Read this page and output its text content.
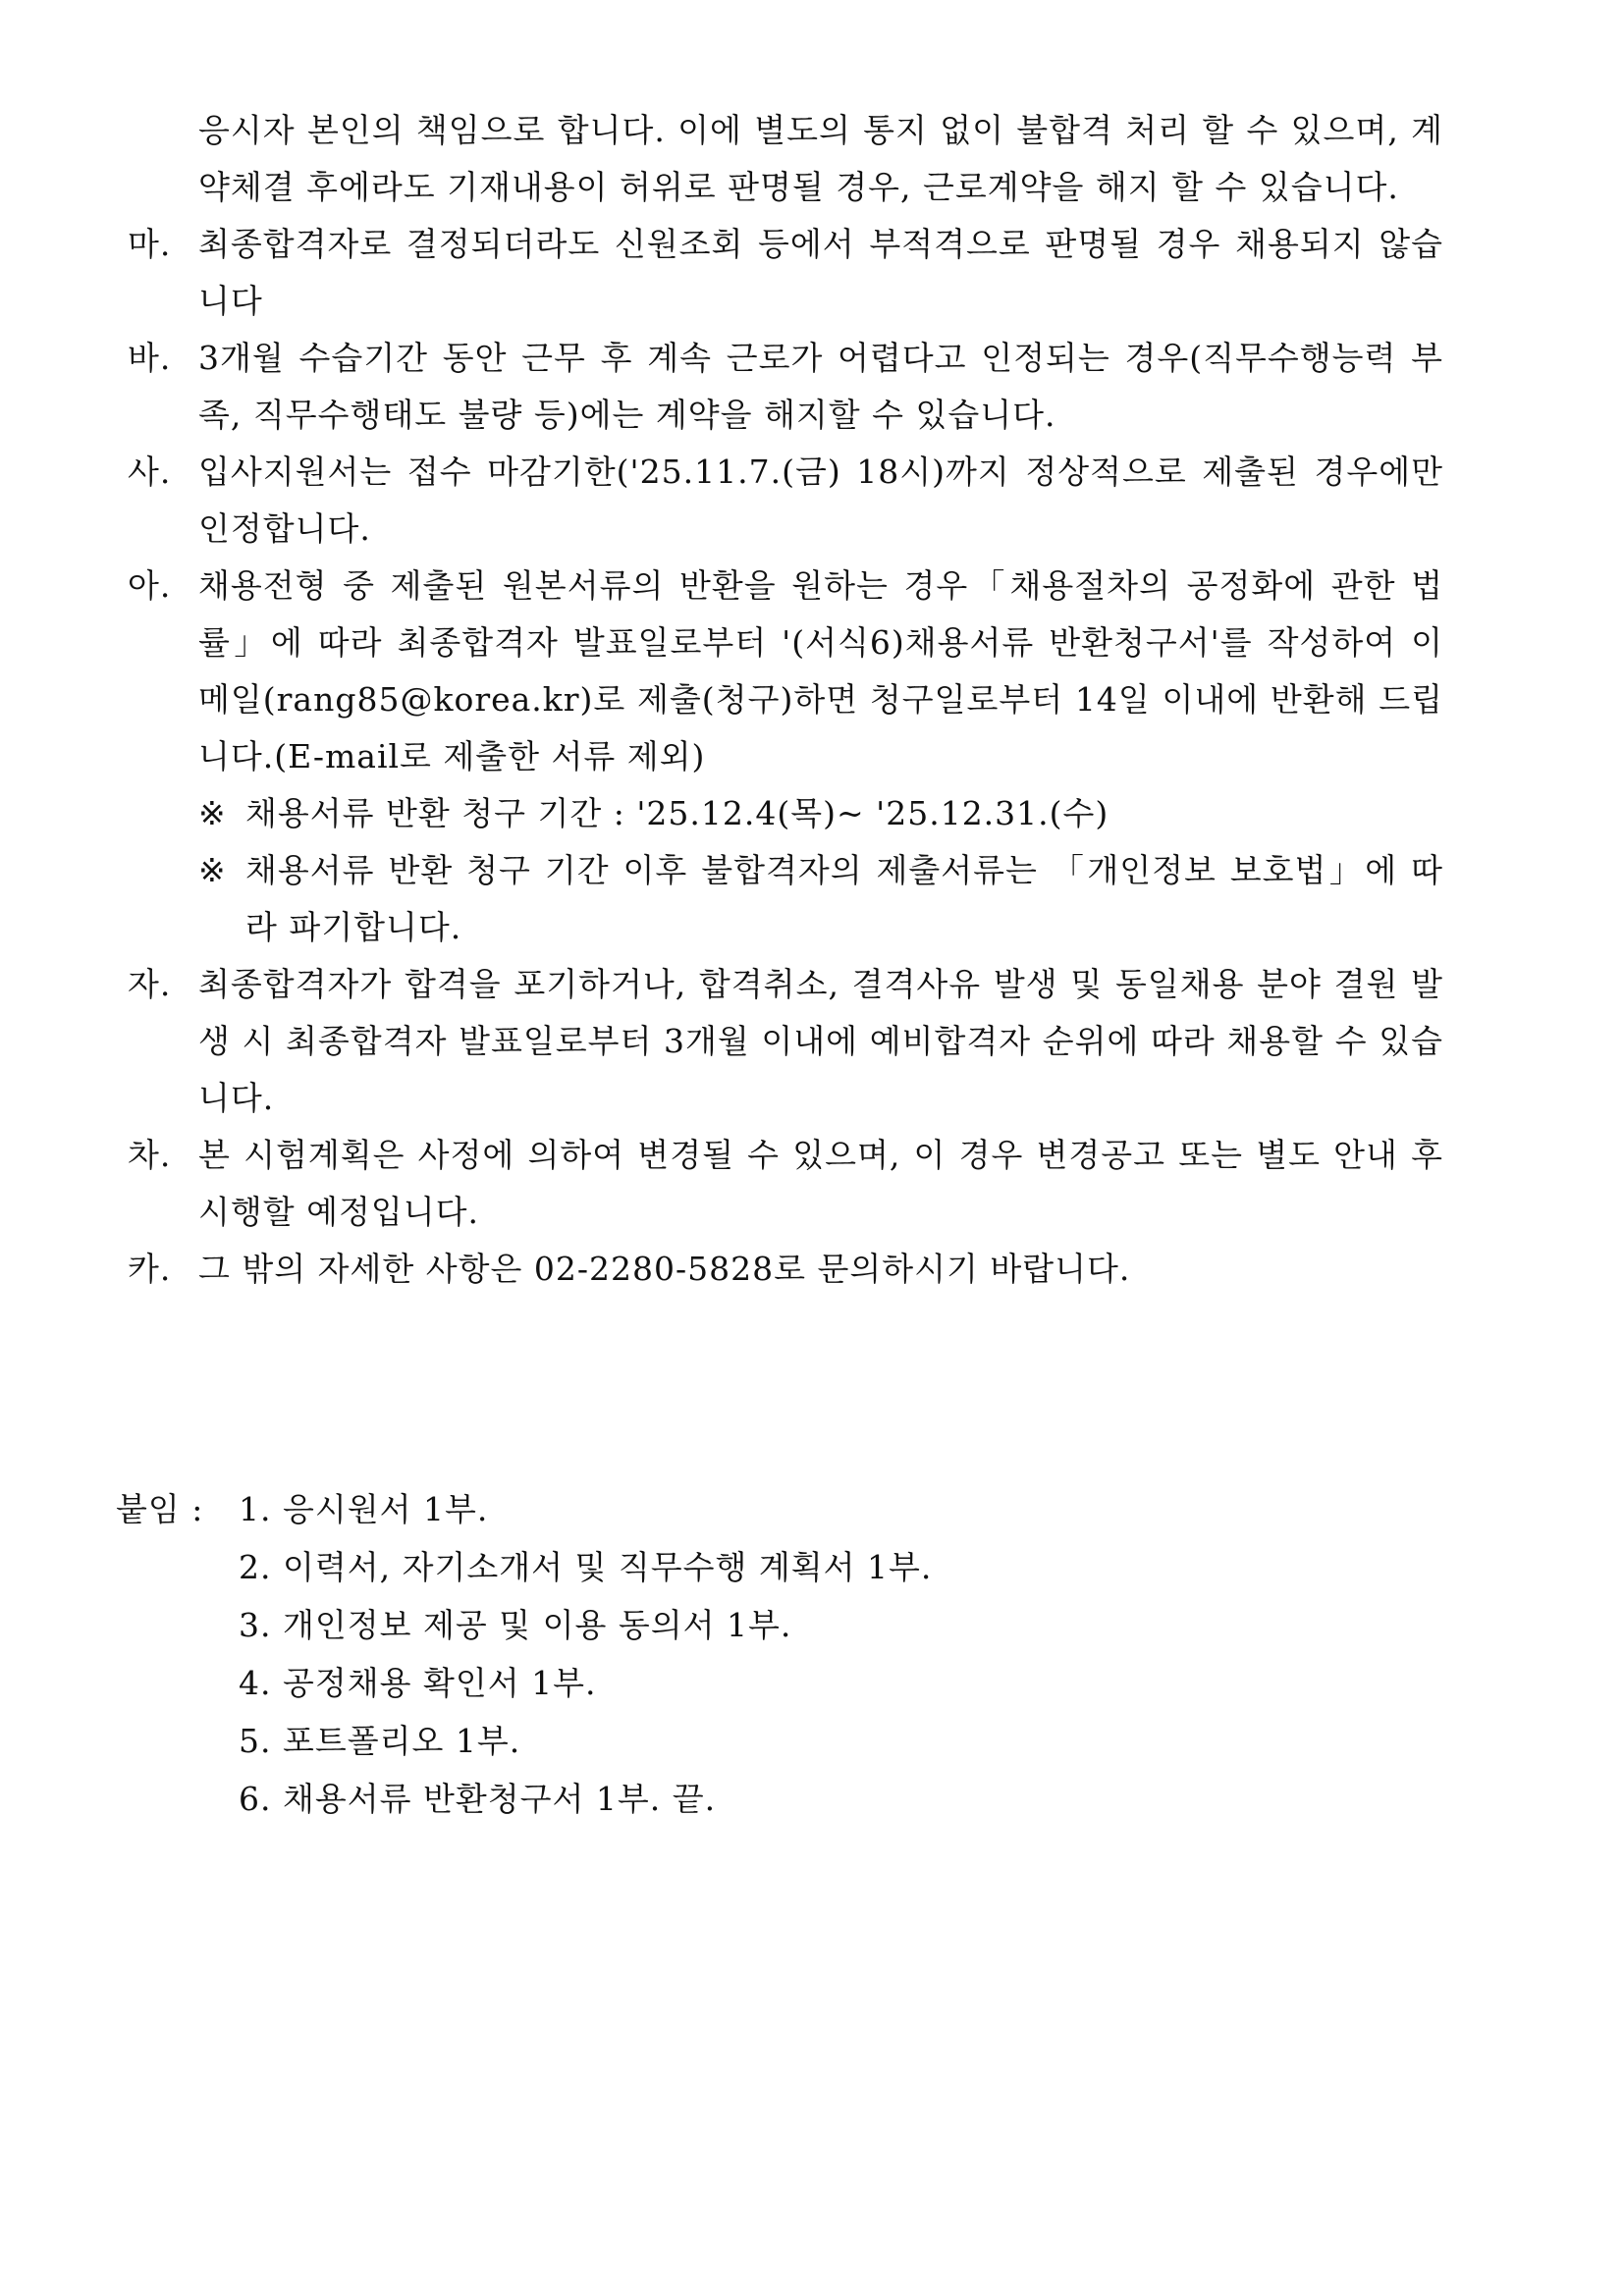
응시자 본인의 책임으로 합니다. 이에 별도의 통지 없이 불합격 처리 할 수 있으며, 계약체결 후에라도 기재내용이 허위로 판명될 경우, 근로계약을 해지 할 수 있습니다.
마. 최종합격자로 결정되더라도 신원조회 등에서 부적격으로 판명될 경우 채용되지 않습니다
바. 3개월 수습기간 동안 근무 후 계속 근로가 어렵다고 인정되는 경우(직무수행능력 부족, 직무수행태도 불량 등)에는 계약을 해지할 수 있습니다.
사. 입사지원서는 접수 마감기한('25.11.7.(금) 18시)까지 정상적으로 제출된 경우에만 인정합니다.
아. 채용전형 중 제출된 원본서류의 반환을 원하는 경우「채용절차의 공정화에 관한 법률」에 따라 최종합격자 발표일로부터 '(서식6)채용서류 반환청구서'를 작성하여 이메일(rang85@korea.kr)로 제출(청구)하면 청구일로부터 14일 이내에 반환해 드립니다.(E-mail로 제출한 서류 제외)
※ 채용서류 반환 청구 기간 : '25.12.4(목)~ '25.12.31.(수)
※ 채용서류 반환 청구 기간 이후 불합격자의 제출서류는 「개인정보 보호법」에 따라 파기합니다.
자. 최종합격자가 합격을 포기하거나, 합격취소, 결격사유 발생 및 동일채용 분야 결원 발생 시 최종합격자 발표일로부터 3개월 이내에 예비합격자 순위에 따라 채용할 수 있습니다.
차. 본 시험계획은 사정에 의하여 변경될 수 있으며, 이 경우 변경공고 또는 별도 안내 후 시행할 예정입니다.
카. 그 밖의 자세한 사항은 02-2280-5828로 문의하시기 바랍니다.
붙임 : 1. 응시원서 1부.
2. 이력서, 자기소개서 및 직무수행 계획서 1부.
3. 개인정보 제공 및 이용 동의서 1부.
4. 공정채용 확인서 1부.
5. 포트폴리오 1부.
6. 채용서류 반환청구서 1부. 끝.
